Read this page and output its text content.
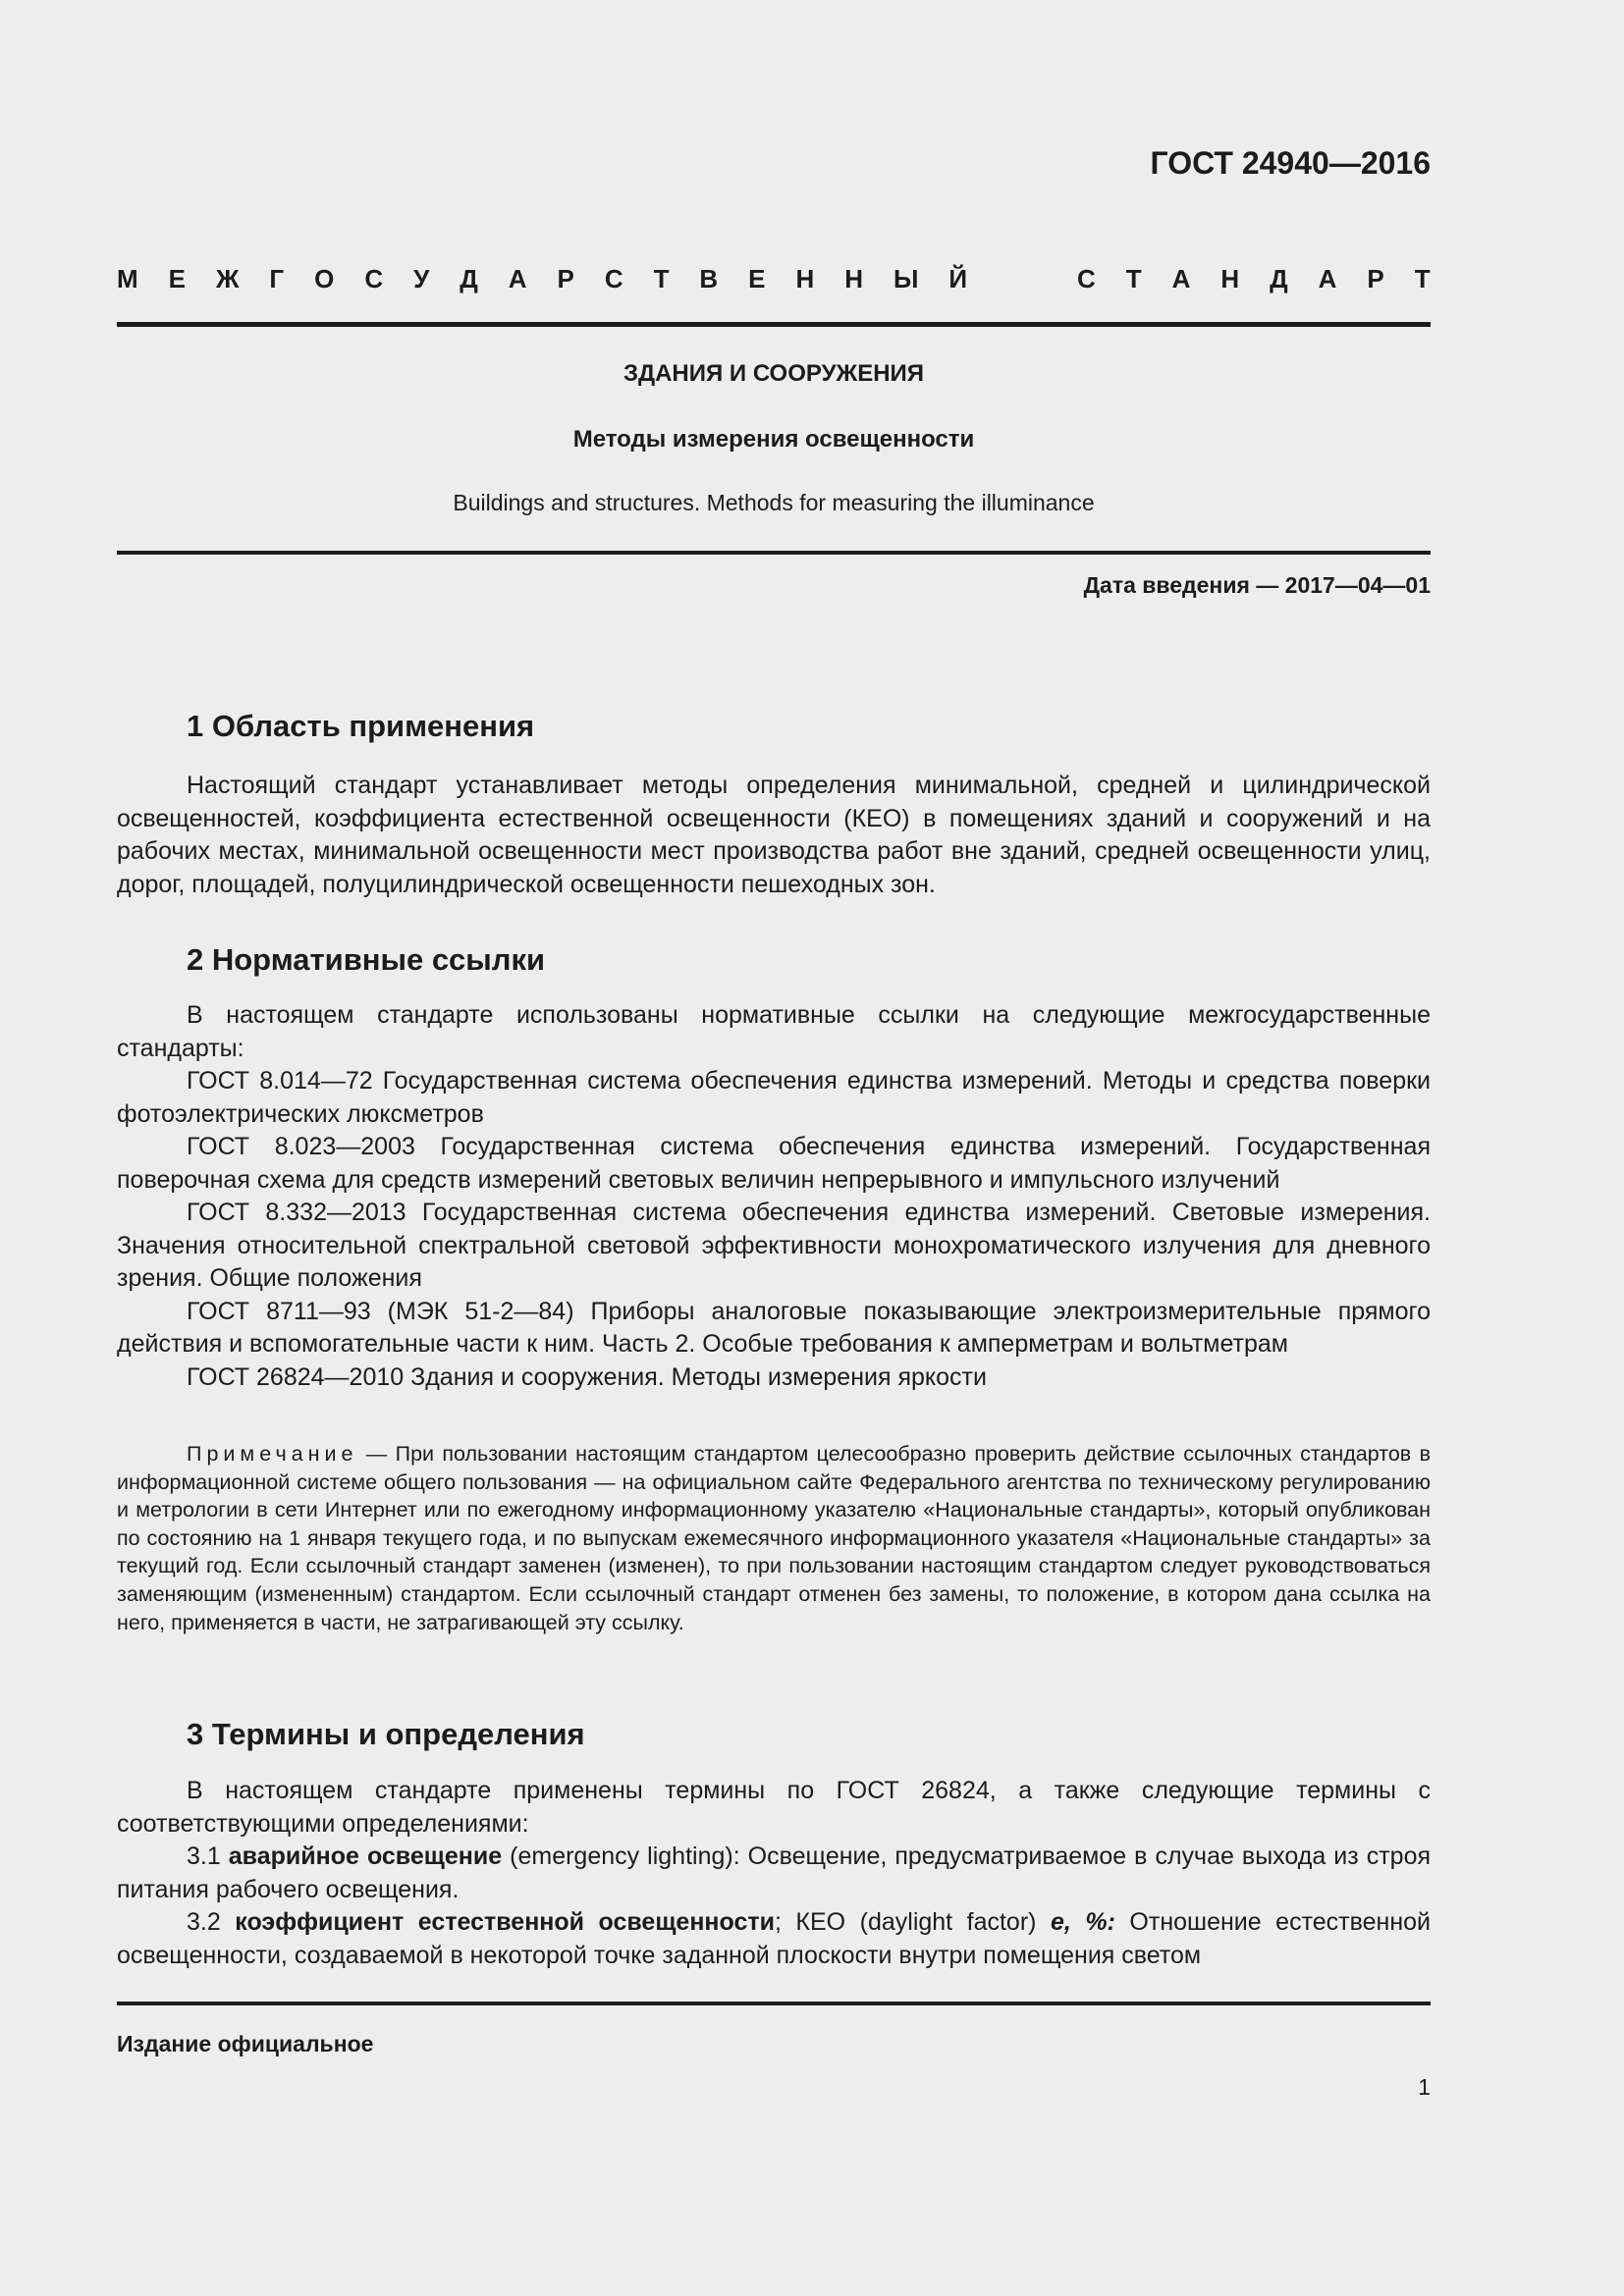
ГОСТ 24940—2016

М Е Ж Г О С У Д А Р С Т В Е Н Н Ы Й	С Т А Н Д А Р Т

ЗДАНИЯ И СООРУЖЕНИЯ

Методы измерения освещенности

Buildings and structures. Methods for measuring the illuminance

Дата введения — 2017—04—01

1 Область применения

Настоящий стандарт устанавливает методы определения минимальной, средней и цилиндрической освещенностей, коэффициента естественной освещенности (КЕО) в помещениях зданий и сооружений и на рабочих местах, минимальной освещенности мест производства работ вне зданий, средней освещенности улиц, дорог, площадей, полуцилиндрической освещенности пешеходных зон.

2 Нормативные ссылки

В настоящем стандарте использованы нормативные ссылки на следующие межгосударственные стандарты:

ГОСТ 8.014—72 Государственная система обеспечения единства измерений. Методы и средства поверки фотоэлектрических люксметров

ГОСТ 8.023—2003 Государственная система обеспечения единства измерений. Государственная поверочная схема для средств измерений световых величин непрерывного и импульсного излучений

ГОСТ 8.332—2013 Государственная система обеспечения единства измерений. Световые измерения. Значения относительной спектральной световой эффективности монохроматического излучения для дневного зрения. Общие положения

ГОСТ 8711—93 (МЭК 51-2—84) Приборы аналоговые показывающие электроизмерительные прямого действия и вспомогательные части к ним. Часть 2. Особые требования к амперметрам и вольтметрам

ГОСТ 26824—2010 Здания и сооружения. Методы измерения яркости

Примечание — При пользовании настоящим стандартом целесообразно проверить действие ссылочных стандартов в информационной системе общего пользования — на официальном сайте Федерального агентства по техническому регулированию и метрологии в сети Интернет или по ежегодному информационному указателю «Национальные стандарты», который опубликован по состоянию на 1 января текущего года, и по выпускам ежемесячного информационного указателя «Национальные стандарты» за текущий год. Если ссылочный стандарт заменен (изменен), то при пользовании настоящим стандартом следует руководствоваться заменяющим (измененным) стандартом. Если ссылочный стандарт отменен без замены, то положение, в котором дана ссылка на него, применяется в части, не затрагивающей эту ссылку.

3 Термины и определения

В настоящем стандарте применены термины по ГОСТ 26824, а также следующие термины с соответствующими определениями:

3.1 аварийное освещение (emergency lighting): Освещение, предусматриваемое в случае выхода из строя питания рабочего освещения.

3.2 коэффициент естественной освещенности; КЕО (daylight factor) е, %: Отношение естественной освещенности, создаваемой в некоторой точке заданной плоскости внутри помещения светом

Издание официальное

1
